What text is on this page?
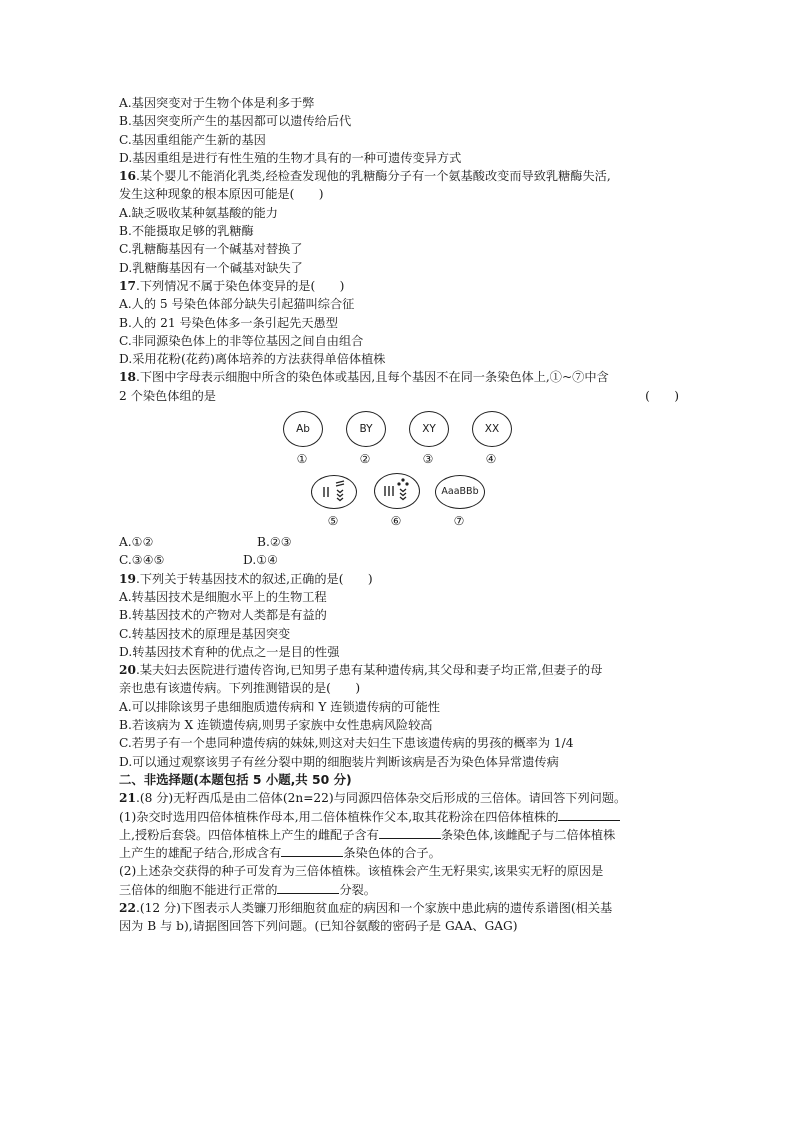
A.基因突变对于生物个体是利多于弊
B.基因突变所产生的基因都可以遗传给后代
C.基因重组能产生新的基因
D.基因重组是进行有性生殖的生物才具有的一种可遗传变异方式
16.某个婴儿不能消化乳类,经检查发现他的乳糖酶分子有一个氨基酸改变而导致乳糖酶失活,
发生这种现象的根本原因可能是(　　)
A.缺乏吸收某种氨基酸的能力
B.不能摄取足够的乳糖酶
C.乳糖酶基因有一个碱基对替换了
D.乳糖酶基因有一个碱基对缺失了
17.下列情况不属于染色体变异的是(　　)
A.人的 5 号染色体部分缺失引起猫叫综合征
B.人的 21 号染色体多一条引起先天愚型
C.非同源染色体上的非等位基因之间自由组合
D.采用花粉(花药)离体培养的方法获得单倍体植株
18.下图中字母表示细胞中所含的染色体或基因,且每个基因不在同一条染色体上,①~⑦中含
2 个染色体组的是	(　　)
Ab
①
BY
②
XY
③
XX
④
⑤	⑥
AaaBBb
⑦
A.①②	B.②③
C.③④⑤	D.①④
19.下列关于转基因技术的叙述,正确的是(　　)
A.转基因技术是细胞水平上的生物工程
B.转基因技术的产物对人类都是有益的
C.转基因技术的原理是基因突变
D.转基因技术育种的优点之一是目的性强
20.某夫妇去医院进行遗传咨询,已知男子患有某种遗传病,其父母和妻子均正常,但妻子的母
亲也患有该遗传病。下列推测错误的是(　　)
A.可以排除该男子患细胞质遗传病和 Y 连锁遗传病的可能性
B.若该病为 X 连锁遗传病,则男子家族中女性患病风险较高
C.若男子有一个患同种遗传病的妹妹,则这对夫妇生下患该遗传病的男孩的概率为 1/4
D.可以通过观察该男子有丝分裂中期的细胞装片判断该病是否为染色体异常遗传病
二、非选择题(本题包括 5 小题,共 50 分)
21.(8 分)无籽西瓜是由二倍体(2n=22)与同源四倍体杂交后形成的三倍体。请回答下列问题。
(1)杂交时选用四倍体植株作母本,用二倍体植株作父本,取其花粉涂在四倍体植株的
上,授粉后套袋。四倍体植株上产生的雌配子含有	条染色体,该雌配子与二倍体植株
上产生的雄配子结合,形成含有	条染色体的合子。
(2)上述杂交获得的种子可发育为三倍体植株。该植株会产生无籽果实,该果实无籽的原因是
三倍体的细胞不能进行正常的	分裂。
22.(12 分)下图表示人类镰刀形细胞贫血症的病因和一个家族中患此病的遗传系谱图(相关基
因为 B 与 b),请据图回答下列问题。(已知谷氨酸的密码子是 GAA、GAG)
